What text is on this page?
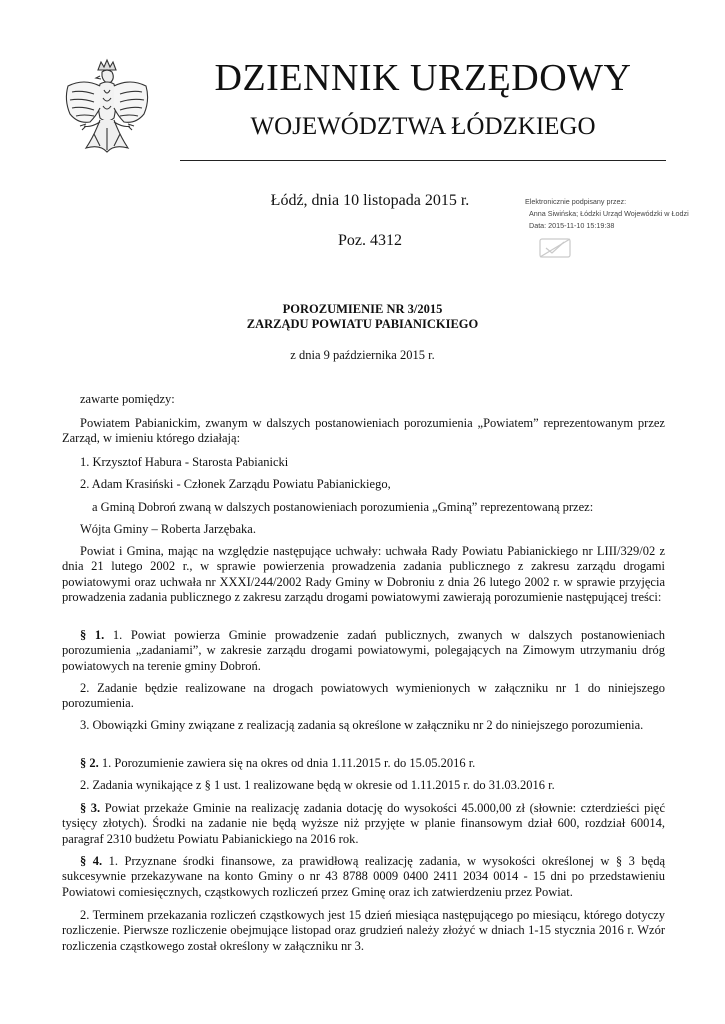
DZIENNIK URZĘDOWY
WOJEWÓDZTWA ŁÓDZKIEGO
Łódź, dnia 10 listopada 2015 r.
Poz. 4312
Elektronicznie podpisany przez:
Anna Siwińska; Łódzki Urząd Wojewódzki w Łodzi
Data: 2015-11-10 15:19:38
POROZUMIENIE NR 3/2015
ZARZĄDU POWIATU PABIANICKIEGO
z dnia 9 października 2015 r.

zawarte pomiędzy:

Powiatem Pabianickim, zwanym w dalszych postanowieniach porozumienia „Powiatem” reprezentowanym przez Zarząd, w imieniu którego działają:

1. Krzysztof Habura - Starosta Pabianicki

2. Adam Krasiński - Członek Zarządu Powiatu Pabianickiego,

a Gminą Dobroń zwaną w dalszych postanowieniach porozumienia „Gminą” reprezentowaną przez:

Wójta Gminy – Roberta Jarzębaka.

Powiat i Gmina, mając na względzie następujące uchwały: uchwała Rady Powiatu Pabianickiego nr LIII/329/02 z dnia 21 lutego 2002 r., w sprawie powierzenia prowadzenia zadania publicznego z zakresu zarządu drogami powiatowymi oraz uchwała nr XXXI/244/2002 Rady Gminy w Dobroniu z dnia 26 lutego 2002 r. w sprawie przyjęcia prowadzenia zadania publicznego z zakresu zarządu drogami powiatowymi zawierają porozumienie następującej treści:

§ 1. 1. Powiat powierza Gminie prowadzenie zadań publicznych, zwanych w dalszych postanowieniach porozumienia „zadaniami”, w zakresie zarządu drogami powiatowymi, polegających na Zimowym utrzymaniu dróg powiatowych na terenie gminy Dobroń.

2. Zadanie będzie realizowane na drogach powiatowych wymienionych w załączniku nr 1 do niniejszego porozumienia.

3. Obowiązki Gminy związane z realizacją zadania są określone w załączniku nr 2 do niniejszego porozumienia.

§ 2. 1. Porozumienie zawiera się na okres od dnia 1.11.2015 r. do 15.05.2016 r.

2. Zadania wynikające z § 1 ust. 1 realizowane będą w okresie od 1.11.2015 r. do 31.03.2016 r.

§ 3. Powiat przekaże Gminie na realizację zadania dotację do wysokości 45.000,00 zł (słownie: czterdzieści pięć tysięcy złotych). Środki na zadanie nie będą wyższe niż przyjęte w planie finansowym dział 600, rozdział 60014, paragraf 2310 budżetu Powiatu Pabianickiego na 2016 rok.

§ 4. 1. Przyznane środki finansowe, za prawidłową realizację zadania, w wysokości określonej w § 3 będą sukcesywnie przekazywane na konto Gminy o nr 43 8788 0009 0400 2411 2034 0014 - 15 dni po przedstawieniu Powiatowi comiesięcznych, cząstkowych rozliczeń przez Gminę oraz ich zatwierdzeniu przez Powiat.

2. Terminem przekazania rozliczeń cząstkowych jest 15 dzień miesiąca następującego po miesiącu, którego dotyczy rozliczenie. Pierwsze rozliczenie obejmujące listopad oraz grudzień należy złożyć w dniach 1-15 stycznia 2016 r. Wzór rozliczenia cząstkowego został określony w załączniku nr 3.
